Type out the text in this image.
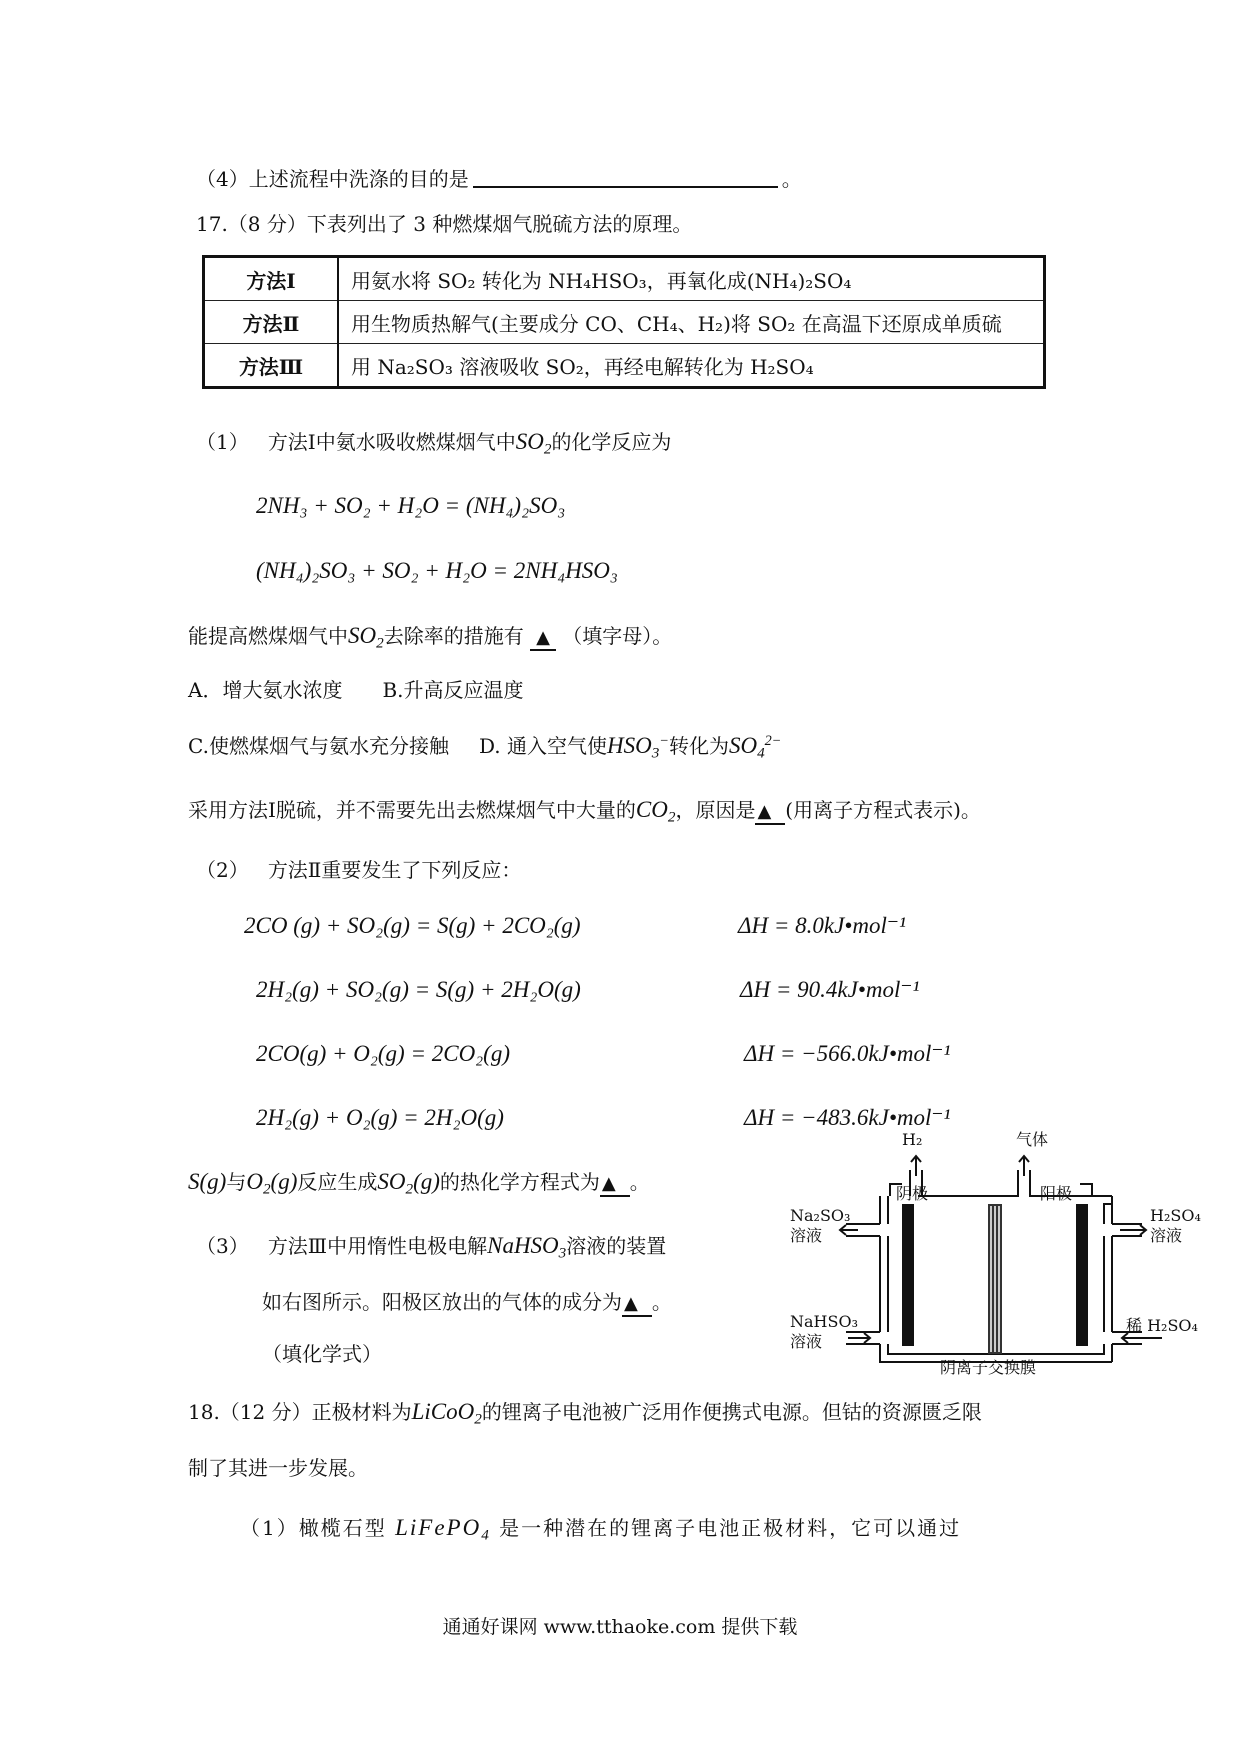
（4）上述流程中洗涤的目的是	。
17.（8 分）下表列出了 3 种燃煤烟气脱硫方法的原理。
方法Ⅰ	用氨水将 SO₂ 转化为 NH₄HSO₃，再氧化成(NH₄)₂SO₄
方法Ⅱ	用生物质热解气(主要成分 CO、CH₄、H₂)将 SO₂ 在高温下还原成单质硫
方法Ⅲ	用 Na₂SO₃ 溶液吸收 SO₂，再经电解转化为 H₂SO₄
（1） 方法Ⅰ中氨水吸收燃煤烟气中$SO_2$的化学反应为
2NH₃ + SO₂ + H₂O = (NH₄)₂SO₃
(NH₄)₂SO₃ + SO₂ + H₂O = 2NH₄HSO₃
能提高燃煤烟气中$SO_2$去除率的措施有 ▲ （填字母）。
A．增大氨水浓度 B.升高反应温度
C.使燃煤烟气与氨水充分接触 D. 通入空气使$HSO_3^-$转化为$SO_4^{2-}$
采用方法Ⅰ脱硫，并不需要先出去燃煤烟气中大量的$CO_2$，原因是 ▲ (用离子方程式表示)。
（2） 方法Ⅱ重要发生了下列反应：
2CO (g) + SO₂(g) = S(g) + 2CO₂(g)	ΔH = 8.0kJ•mol⁻¹
2H₂(g) + SO₂(g) = S(g) + 2H₂O(g)	ΔH = 90.4kJ•mol⁻¹
2CO(g) + O₂(g) = 2CO₂(g)	ΔH = −566.0kJ•mol⁻¹
2H₂(g) + O₂(g) = 2H₂O(g)	ΔH = −483.6kJ•mol⁻¹
S(g)与$O_2(g)$反应生成$SO_2(g)$的热化学方程式为 ▲ 。
（3） 方法Ⅲ中用惰性电极电解NaHSO$_3$溶液的装置
如右图所示。阳极区放出的气体的成分为 ▲ 。
（填化学式）
H₂	气体
阴极	阳极
Na₂SO₃
溶液
NaHSO₃
溶液
H₂SO₄
溶液
稀 H₂SO₄
阴离子交换膜
18.（12 分）正极材料为LiCoO$_2$的锂离子电池被广泛用作便携式电源。但钴的资源匮乏限
制了其进一步发展。
（1）橄榄石型 LiFePO$_4$ 是一种潜在的锂离子电池正极材料，它可以通过
通通好课网 www.tthaoke.com 提供下载
